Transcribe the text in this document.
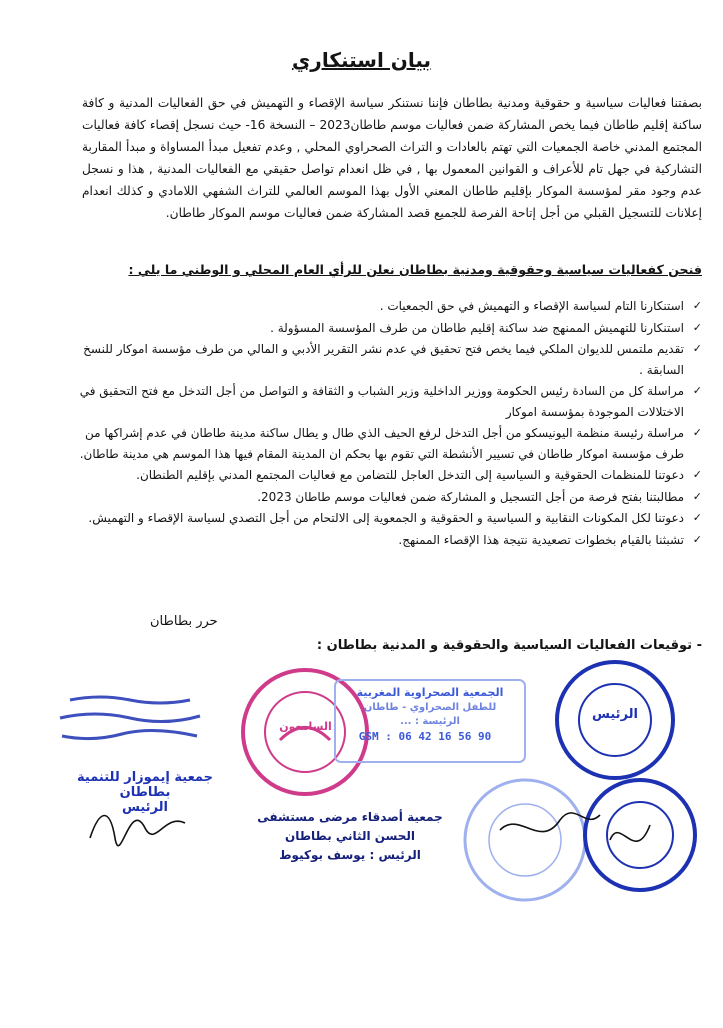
بيان استنكاري
بصفتنا فعاليات سياسية و حقوقية ومدنية بطاطان فإننا نستنكر سياسة الإقصاء و التهميش في حق الفعاليات المدنية و كافة ساكنة إقليم طاطان فيما يخص المشاركة ضمن فعاليات موسم طاطان2023 – النسخة 16- حيث نسجل إقصاء كافة فعاليات المجتمع المدني خاصة الجمعيات التي تهتم بالعادات و التراث الصحراوي المحلي , وعدم تفعيل مبدأ المساواة و مبدأ المقاربة التشاركية في جهل تام للأعراف و القوانين المعمول بها , في ظل انعدام تواصل حقيقي مع الفعاليات المدنية , هذا و نسجل عدم وجود مقر لمؤسسة الموكار بإقليم طاطان المعني الأول بهذا الموسم العالمي للتراث الشفهي اللامادي و كذلك انعدام إعلانات للتسجيل القبلي من أجل إتاحة الفرصة للجميع قصد المشاركة ضمن فعاليات موسم الموكار طاطان.
فنحن كفعاليات سياسية وحقوقية ومدنية بطاطان نعلن للرأي العام المحلي و الوطني ما يلي :
✓
استنكارنا التام لسياسة الإقصاء و التهميش في حق الجمعيات .
✓
استنكارنا للتهميش الممنهج ضد ساكنة إقليم طاطان من طرف المؤسسة المسؤولة .
✓
تقديم ملتمس للديوان الملكي فيما يخص فتح تحقيق في عدم نشر التقرير الأدبي و المالي من طرف مؤسسة اموكار للنسخ السابقة .
✓
مراسلة كل من السادة رئيس الحكومة ووزير الداخلية وزير الشباب و الثقافة و التواصل من أجل التدخل مع فتح التحقيق في الاختلالات الموجودة بمؤسسة اموكار
✓
مراسلة رئيسة منظمة اليونيسكو من أجل التدخل لرفع الحيف الذي طال و يطال ساكنة مدينة طاطان في عدم إشراكها من طرف مؤسسة اموكار طاطان في تسيير الأنشطة التي تقوم بها بحكم ان المدينة المقام فيها هذا الموسم هي مدينة طاطان.
✓
دعوتنا للمنظمات الحقوقية و السياسية إلى التدخل العاجل للتضامن مع فعاليات المجتمع المدني بإقليم الطنطان.
✓
مطالبتنا بفتح فرصة من أجل التسجيل و المشاركة ضمن فعاليات موسم طاطان 2023.
✓
دعوتنا لكل المكونات النقابية و السياسية و الحقوقية و الجمعوية إلى الالتحام من أجل التصدي لسياسة الإقصاء و التهميش.
✓
تشبثنا بالقيام بخطوات تصعيدية نتيجة هذا الإقصاء الممنهج.
حرر بطاطان
- توقيعات الفعاليات السياسية والحقوقية و المدنية بطاطان :
الرئيس
السامعون
الجمعية الصحراوية المغربية
للطفل الصحراوي - طاطان
الرئيسة : ...
GSM : 06 42 16 56 90
جمعية إيموزار للتنمية
بطاطان
الرئيس
جمعية أصدقاء مرضى مستشفى
الحسن الثاني بطاطان
الرئيس : يوسف بوكيوط
